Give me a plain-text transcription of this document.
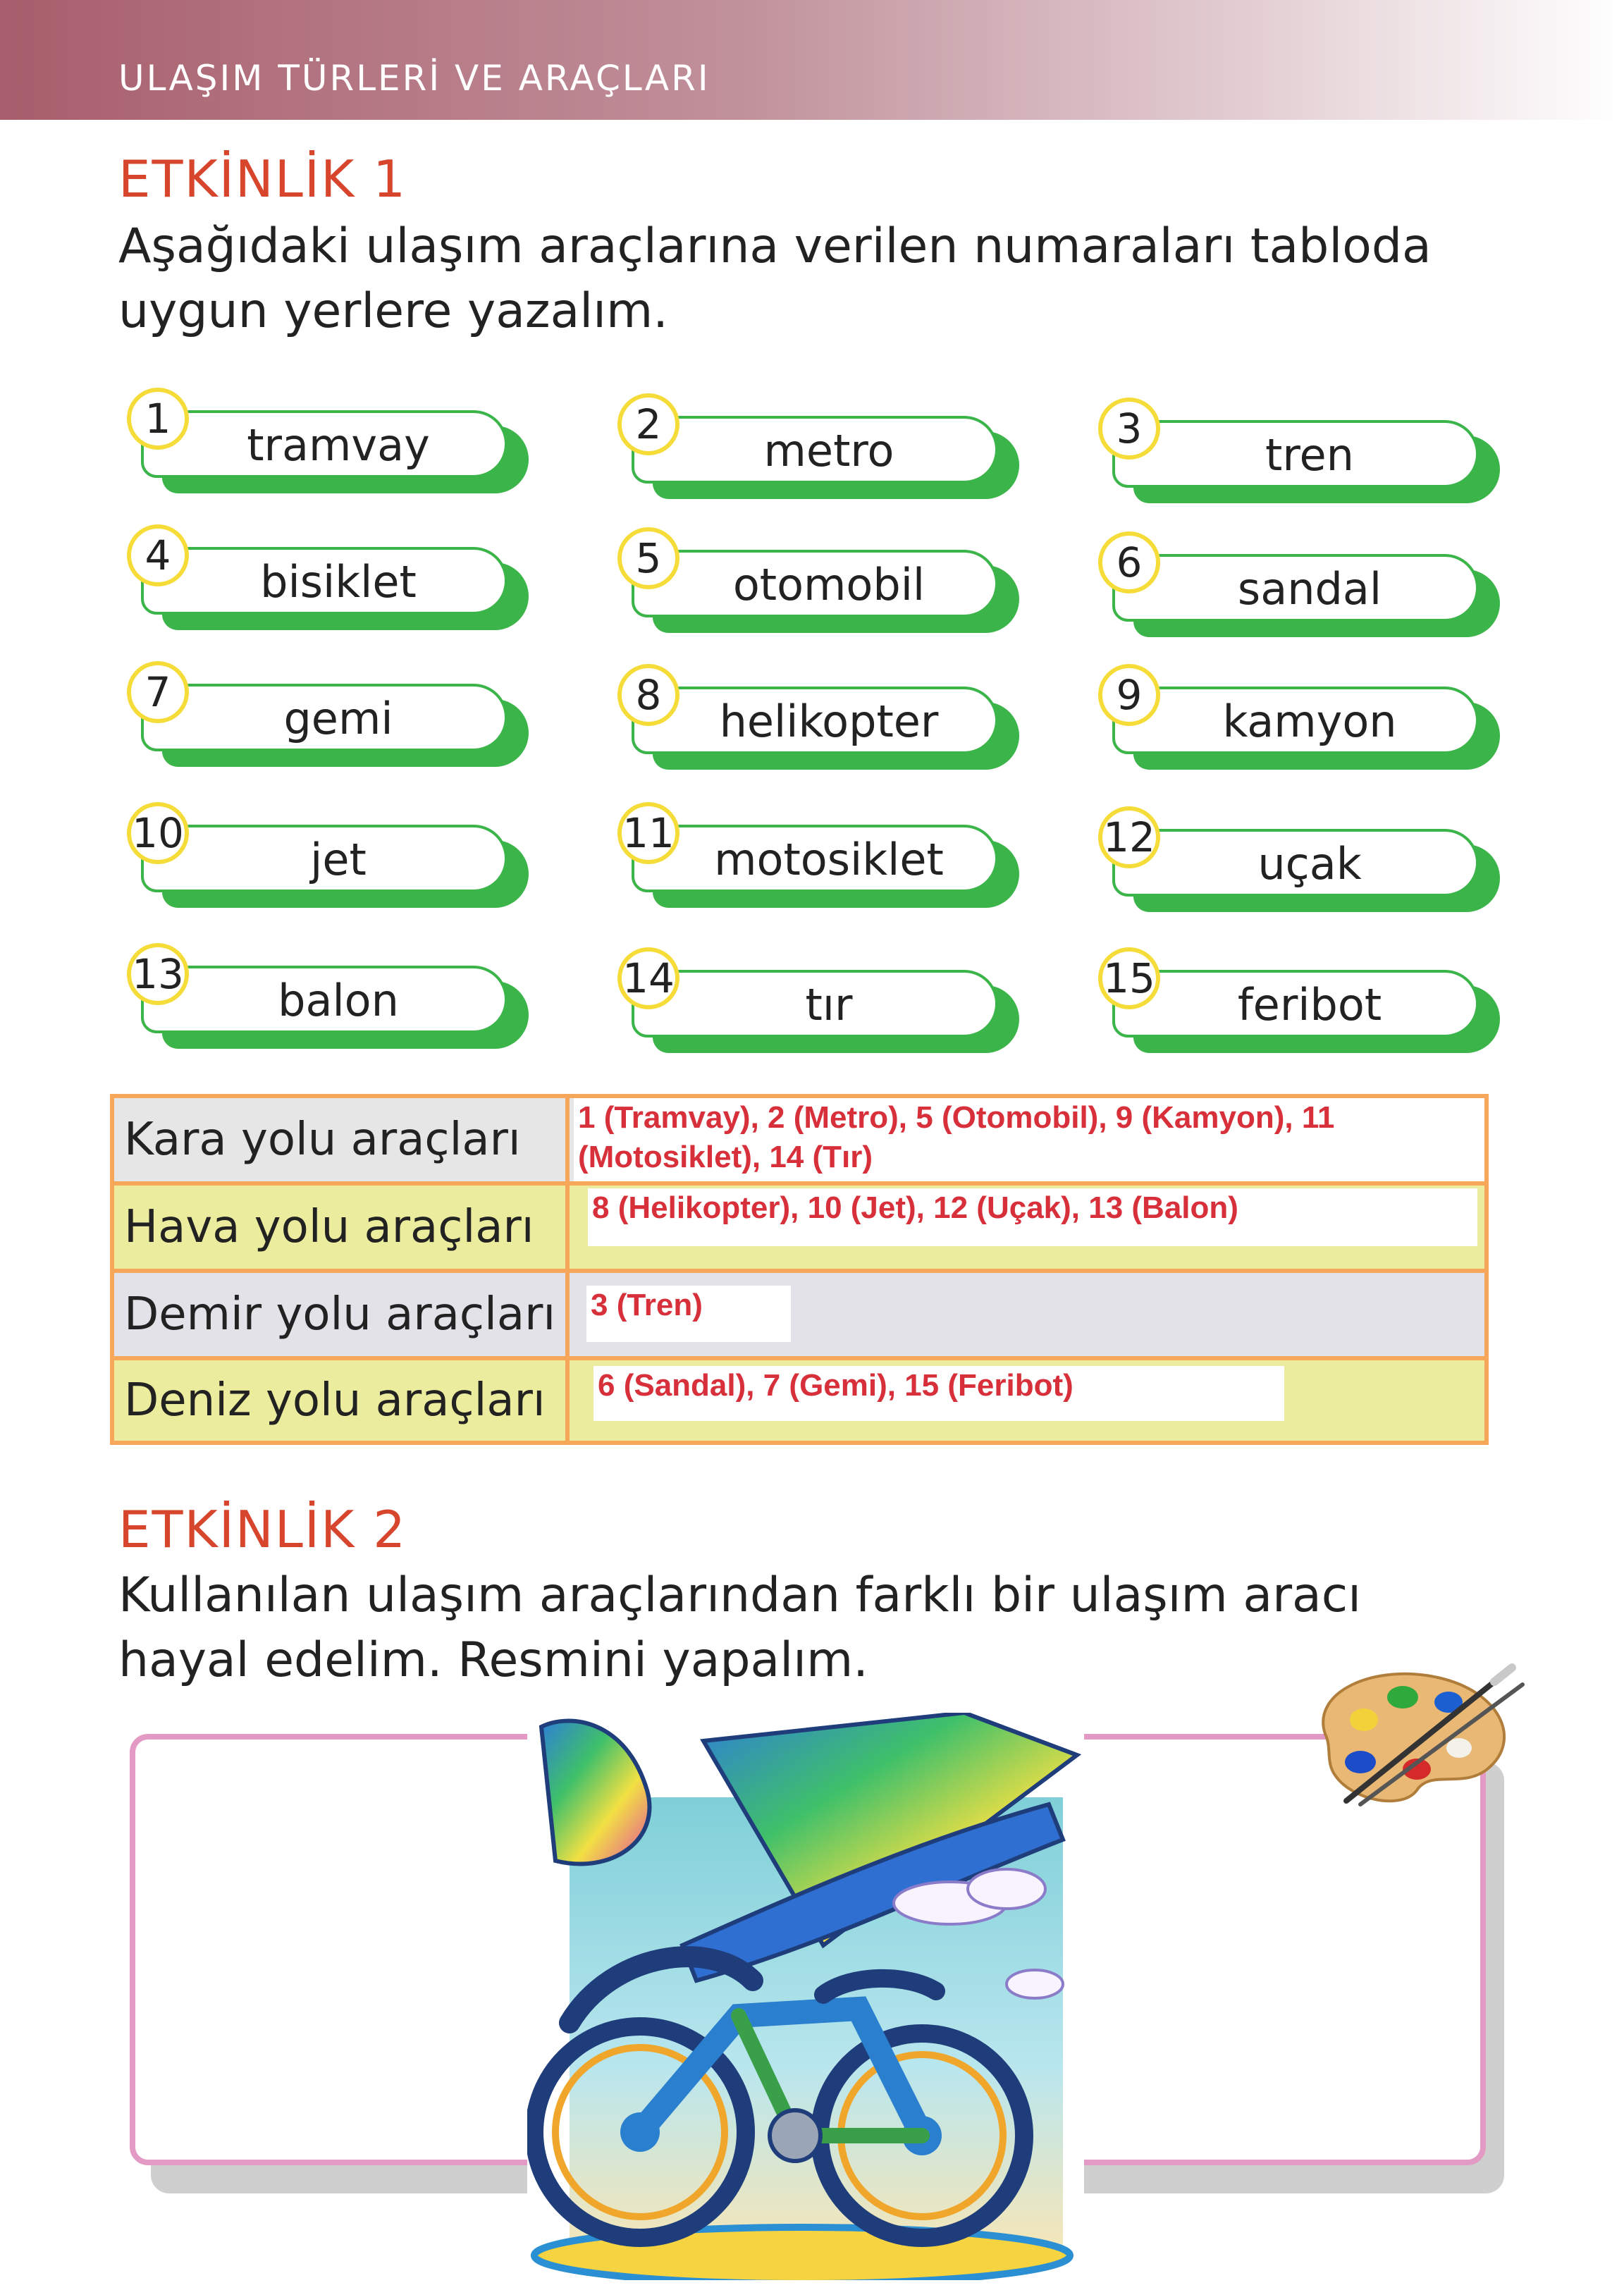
ULAŞIM TÜRLERİ VE ARAÇLARI
ETKİNLİK 1
Aşağıdaki ulaşım araçlarına verilen numaraları tabloda uygun yerlere yazalım.
tramvay
1
metro
2
tren
3
bisiklet
4
otomobil
5
sandal
6
gemi
7
helikopter
8
kamyon
9
jet
10
motosiklet
11
uçak
12
balon
13
tır
14
feribot
15
Kara yolu araçları	1 (Tramvay), 2 (Metro), 5 (Otomobil), 9 (Kamyon), 11 (Motosiklet), 14 (Tır)
Hava yolu araçları	8 (Helikopter), 10 (Jet), 12 (Uçak), 13 (Balon)
Demir yolu araçları	3 (Tren)
Deniz yolu araçları	6 (Sandal), 7 (Gemi), 15 (Feribot)
ETKİNLİK 2
Kullanılan ulaşım araçlarından farklı bir ulaşım aracı hayal edelim. Resmini yapalım.
